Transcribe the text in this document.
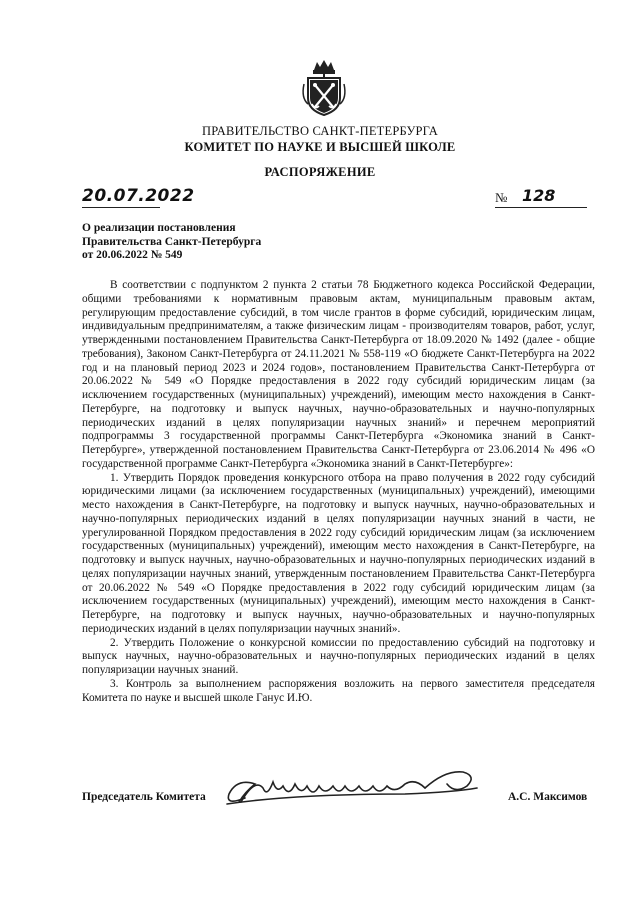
ПРАВИТЕЛЬСТВО САНКТ-ПЕТЕРБУРГА
КОМИТЕТ ПО НАУКЕ И ВЫСШЕЙ ШКОЛЕ
РАСПОРЯЖЕНИЕ
20.07.2022	№ 128
О реализации постановления
Правительства Санкт-Петербурга
от 20.06.2022 № 549

В соответствии с подпунктом 2 пункта 2 статьи 78 Бюджетного кодекса Российской Федерации, общими требованиями к нормативным правовым актам, муниципальным правовым актам, регулирующим предоставление субсидий, в том числе грантов в форме субсидий, юридическим лицам, индивидуальным предпринимателям, а также физическим лицам - производителям товаров, работ, услуг, утвержденными постановлением Правительства Санкт-Петербурга от 18.09.2020 № 1492 (далее - общие требования), Законом Санкт-Петербурга от 24.11.2021 № 558-119 «О бюджете Санкт-Петербурга на 2022 год и на плановый период 2023 и 2024 годов», постановлением Правительства Санкт-Петербурга от 20.06.2022 № 549 «О Порядке предоставления в 2022 году субсидий юридическим лицам (за исключением государственных (муниципальных) учреждений), имеющим место нахождения в Санкт-Петербурге, на подготовку и выпуск научных, научно-образовательных и научно-популярных периодических изданий в целях популяризации научных знаний» и перечнем мероприятий подпрограммы 3 государственной программы Санкт-Петербурга «Экономика знаний в Санкт-Петербурге», утвержденной постановлением Правительства Санкт-Петербурга от 23.06.2014 № 496 «О государственной программе Санкт-Петербурга «Экономика знаний в Санкт-Петербурге»:

1. Утвердить Порядок проведения конкурсного отбора на право получения в 2022 году субсидий юридическими лицами (за исключением государственных (муниципальных) учреждений), имеющими место нахождения в Санкт-Петербурге, на подготовку и выпуск научных, научно-образовательных и научно-популярных периодических изданий в целях популяризации научных знаний в части, не урегулированной Порядком предоставления в 2022 году субсидий юридическим лицам (за исключением государственных (муниципальных) учреждений), имеющим место нахождения в Санкт-Петербурге, на подготовку и выпуск научных, научно-образовательных и научно-популярных периодических изданий в целях популяризации научных знаний, утвержденным постановлением Правительства Санкт-Петербурга от 20.06.2022 № 549 «О Порядке предоставления в 2022 году субсидий юридическим лицам (за исключением государственных (муниципальных) учреждений), имеющим место нахождения в Санкт-Петербурге, на подготовку и выпуск научных, научно-образовательных и научно-популярных периодических изданий в целях популяризации научных знаний».

2. Утвердить Положение о конкурсной комиссии по предоставлению субсидий на подготовку и выпуск научных, научно-образовательных и научно-популярных периодических изданий в целях популяризации научных знаний.

3. Контроль за выполнением распоряжения возложить на первого заместителя председателя Комитета по науке и высшей школе Ганус И.Ю.

Председатель Комитета	А.С. Максимов
